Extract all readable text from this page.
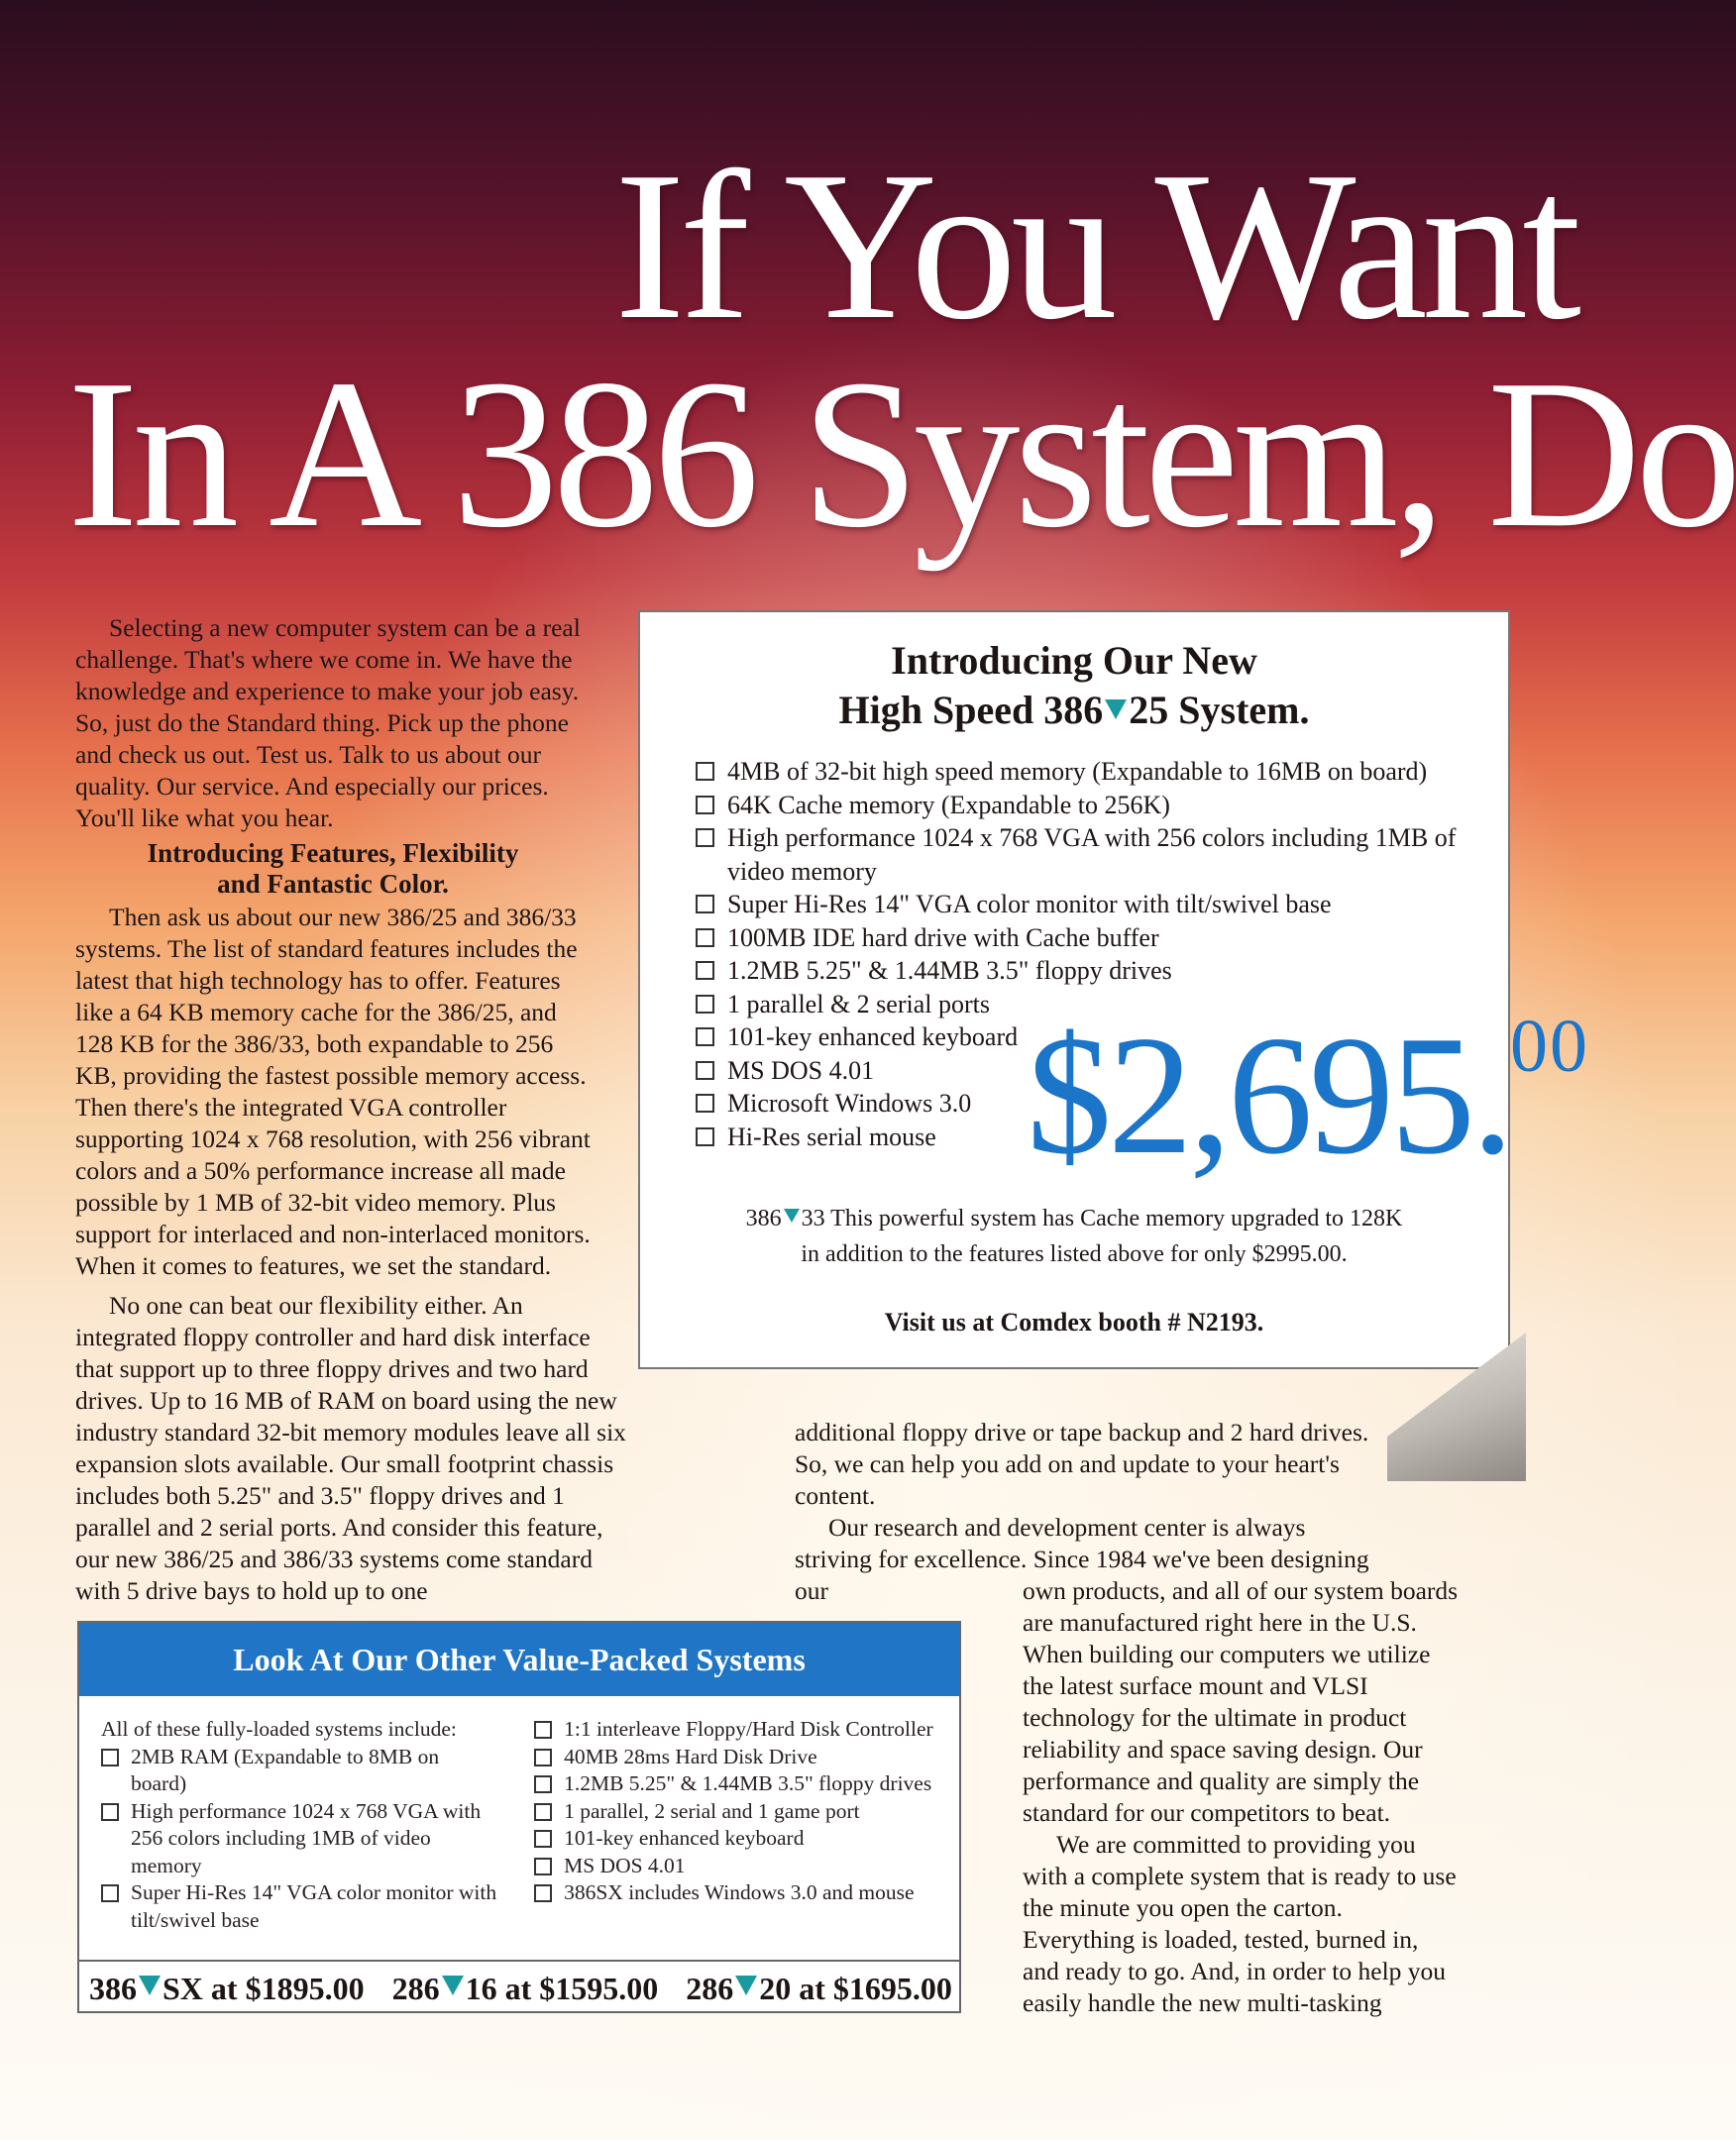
If You Want
In A 386 System, Do

Selecting a new computer system can be a real challenge. That's where we come in. We have the knowledge and experience to make your job easy. So, just do the Standard thing. Pick up the phone and check us out. Test us. Talk to us about our quality. Our service. And especially our prices. You'll like what you hear.

Introducing Features, Flexibility
and Fantastic Color.

Then ask us about our new 386/25 and 386/33 systems. The list of standard features includes the latest that high technology has to offer. Features like a 64 KB memory cache for the 386/25, and 128 KB for the 386/33, both expandable to 256 KB, providing the fastest possible memory access. Then there's the integrated VGA controller supporting 1024 x 768 resolution, with 256 vibrant colors and a 50% performance increase all made possible by 1 MB of 32-bit video memory. Plus support for interlaced and non-interlaced monitors. When it comes to features, we set the standard.

No one can beat our flexibility either. An integrated floppy controller and hard disk interface that support up to three floppy drives and two hard drives. Up to 16 MB of RAM on board using the new industry standard 32-bit memory modules leave all six expansion slots available. Our small footprint chassis includes both 5.25" and 3.5" floppy drives and 1 parallel and 2 serial ports. And consider this feature, our new 386/25 and 386/33 systems come standard with 5 drive bays to hold up to one

additional floppy drive or tape backup and 2 hard drives. So, we can help you add on and update to your heart's content.

Our research and development center is always striving for excellence. Since 1984 we've been designing our	own products, and all of our system boards are manufactured right here in the U.S. When building our computers we utilize the latest surface mount and VLSI technology for the ultimate in product reliability and space saving design. Our performance and quality are simply the standard for our competitors to beat.

We are committed to providing you with a complete system that is ready to use the minute you open the carton. Everything is loaded, tested, burned in, and ready to go. And, in order to help you easily handle the new multi-tasking

Introducing Our New
High Speed 386 25 System.
4MB of 32-bit high speed memory (Expandable to 16MB on board)
64K Cache memory (Expandable to 256K)
High performance 1024 x 768 VGA with 256 colors including 1MB of video memory
Super Hi-Res 14" VGA color monitor with tilt/swivel base
100MB IDE hard drive with Cache buffer
1.2MB 5.25" & 1.44MB 3.5" floppy drives
1 parallel & 2 serial ports
101-key enhanced keyboard
MS DOS 4.01
Microsoft Windows 3.0
Hi-Res serial mouse $2,695.00
386 33 This powerful system has Cache memory upgraded to 128K
in addition to the features listed above for only $2995.00.
Visit us at Comdex booth # N2193.
Look At Our Other Value-Packed Systems
All of these fully-loaded systems include:
2MB RAM (Expandable to 8MB on board)
High performance 1024 x 768 VGA with 256 colors including 1MB of video memory
Super Hi-Res 14" VGA color monitor with tilt/swivel base
1:1 interleave Floppy/Hard Disk Controller
40MB 28ms Hard Disk Drive
1.2MB 5.25" & 1.44MB 3.5" floppy drives
1 parallel, 2 serial and 1 game port
101-key enhanced keyboard
MS DOS 4.01
386SX includes Windows 3.0 and mouse
386 SX at $1895.00 286 16 at $1595.00 286 20 at $1695.00
